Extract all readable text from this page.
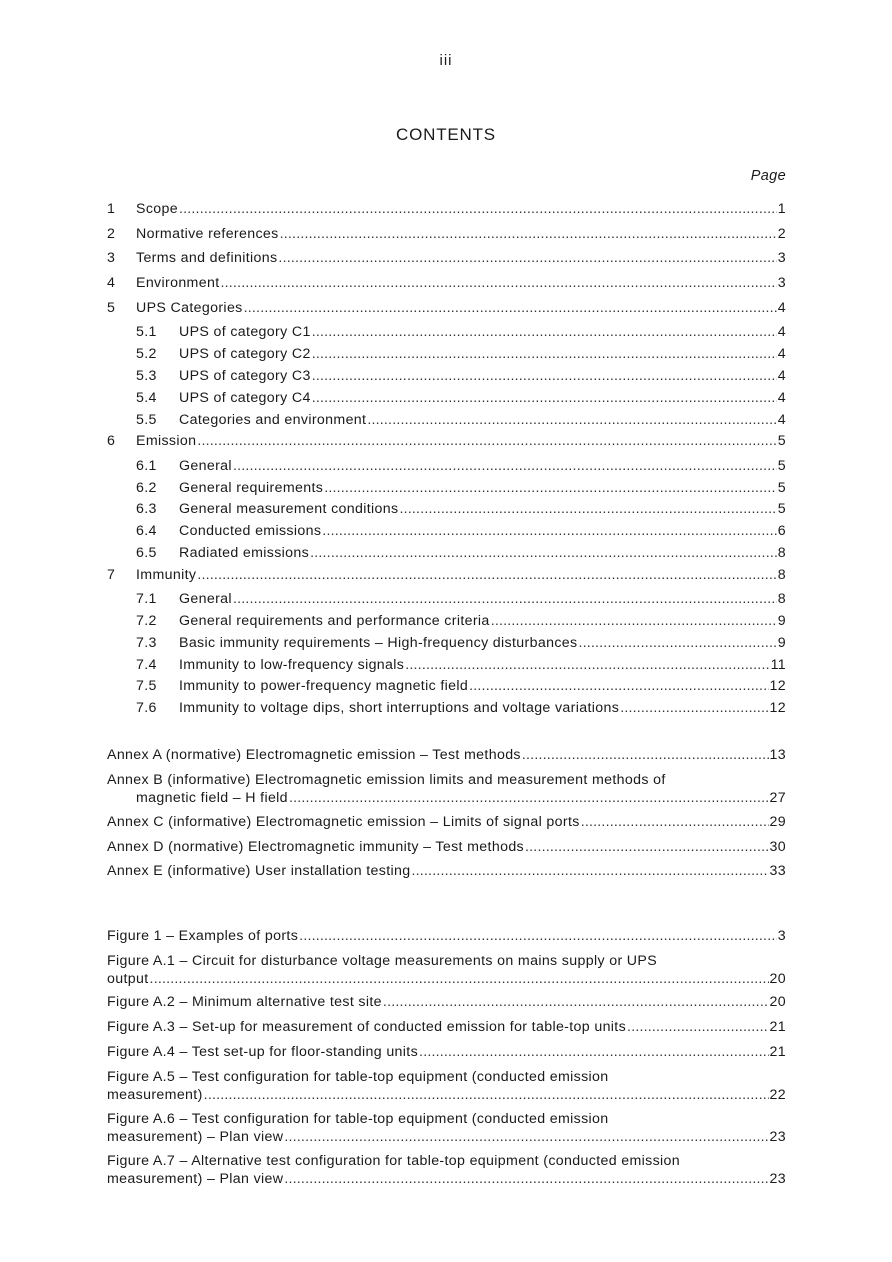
iii
CONTENTS
Page
1	Scope .....	1
2	Normative references .....	2
3	Terms and definitions .....	3
4	Environment .....	3
5	UPS Categories .....	4
5.1	UPS of category C1 .....	4
5.2	UPS of category C2 .....	4
5.3	UPS of category C3 .....	4
5.4	UPS of category C4 .....	4
5.5	Categories and environment .....	4
6	Emission .....	5
6.1	General .....	5
6.2	General requirements .....	5
6.3	General measurement conditions .....	5
6.4	Conducted emissions .....	6
6.5	Radiated emissions .....	8
7	Immunity .....	8
7.1	General .....	8
7.2	General requirements and performance criteria .....	9
7.3	Basic immunity requirements – High-frequency disturbances .....	9
7.4	Immunity to low-frequency signals .....	11
7.5	Immunity to power-frequency magnetic field .....	12
7.6	Immunity to voltage dips, short interruptions and voltage variations .....	12
Annex A (normative) Electromagnetic emission – Test methods .....	13
Annex B (informative) Electromagnetic emission limits and measurement methods of
magnetic field – H field .....	27
Annex C (informative) Electromagnetic emission – Limits of signal ports .....	29
Annex D (normative) Electromagnetic immunity – Test methods .....	30
Annex E (informative) User installation testing .....	33
Figure 1 – Examples of ports .....	3
Figure A.1 – Circuit for disturbance voltage measurements on mains supply or UPS
output .....	20
Figure A.2 – Minimum alternative test site .....	20
Figure A.3 – Set-up for measurement of conducted emission for table-top units .....	21
Figure A.4 – Test set-up for floor-standing units .....	21
Figure A.5 – Test configuration for table-top equipment (conducted emission
measurement) .....	22
Figure A.6 – Test configuration for table-top equipment (conducted emission
measurement) – Plan view .....	23
Figure A.7 – Alternative test configuration for table-top equipment (conducted emission
measurement) – Plan view .....	23
